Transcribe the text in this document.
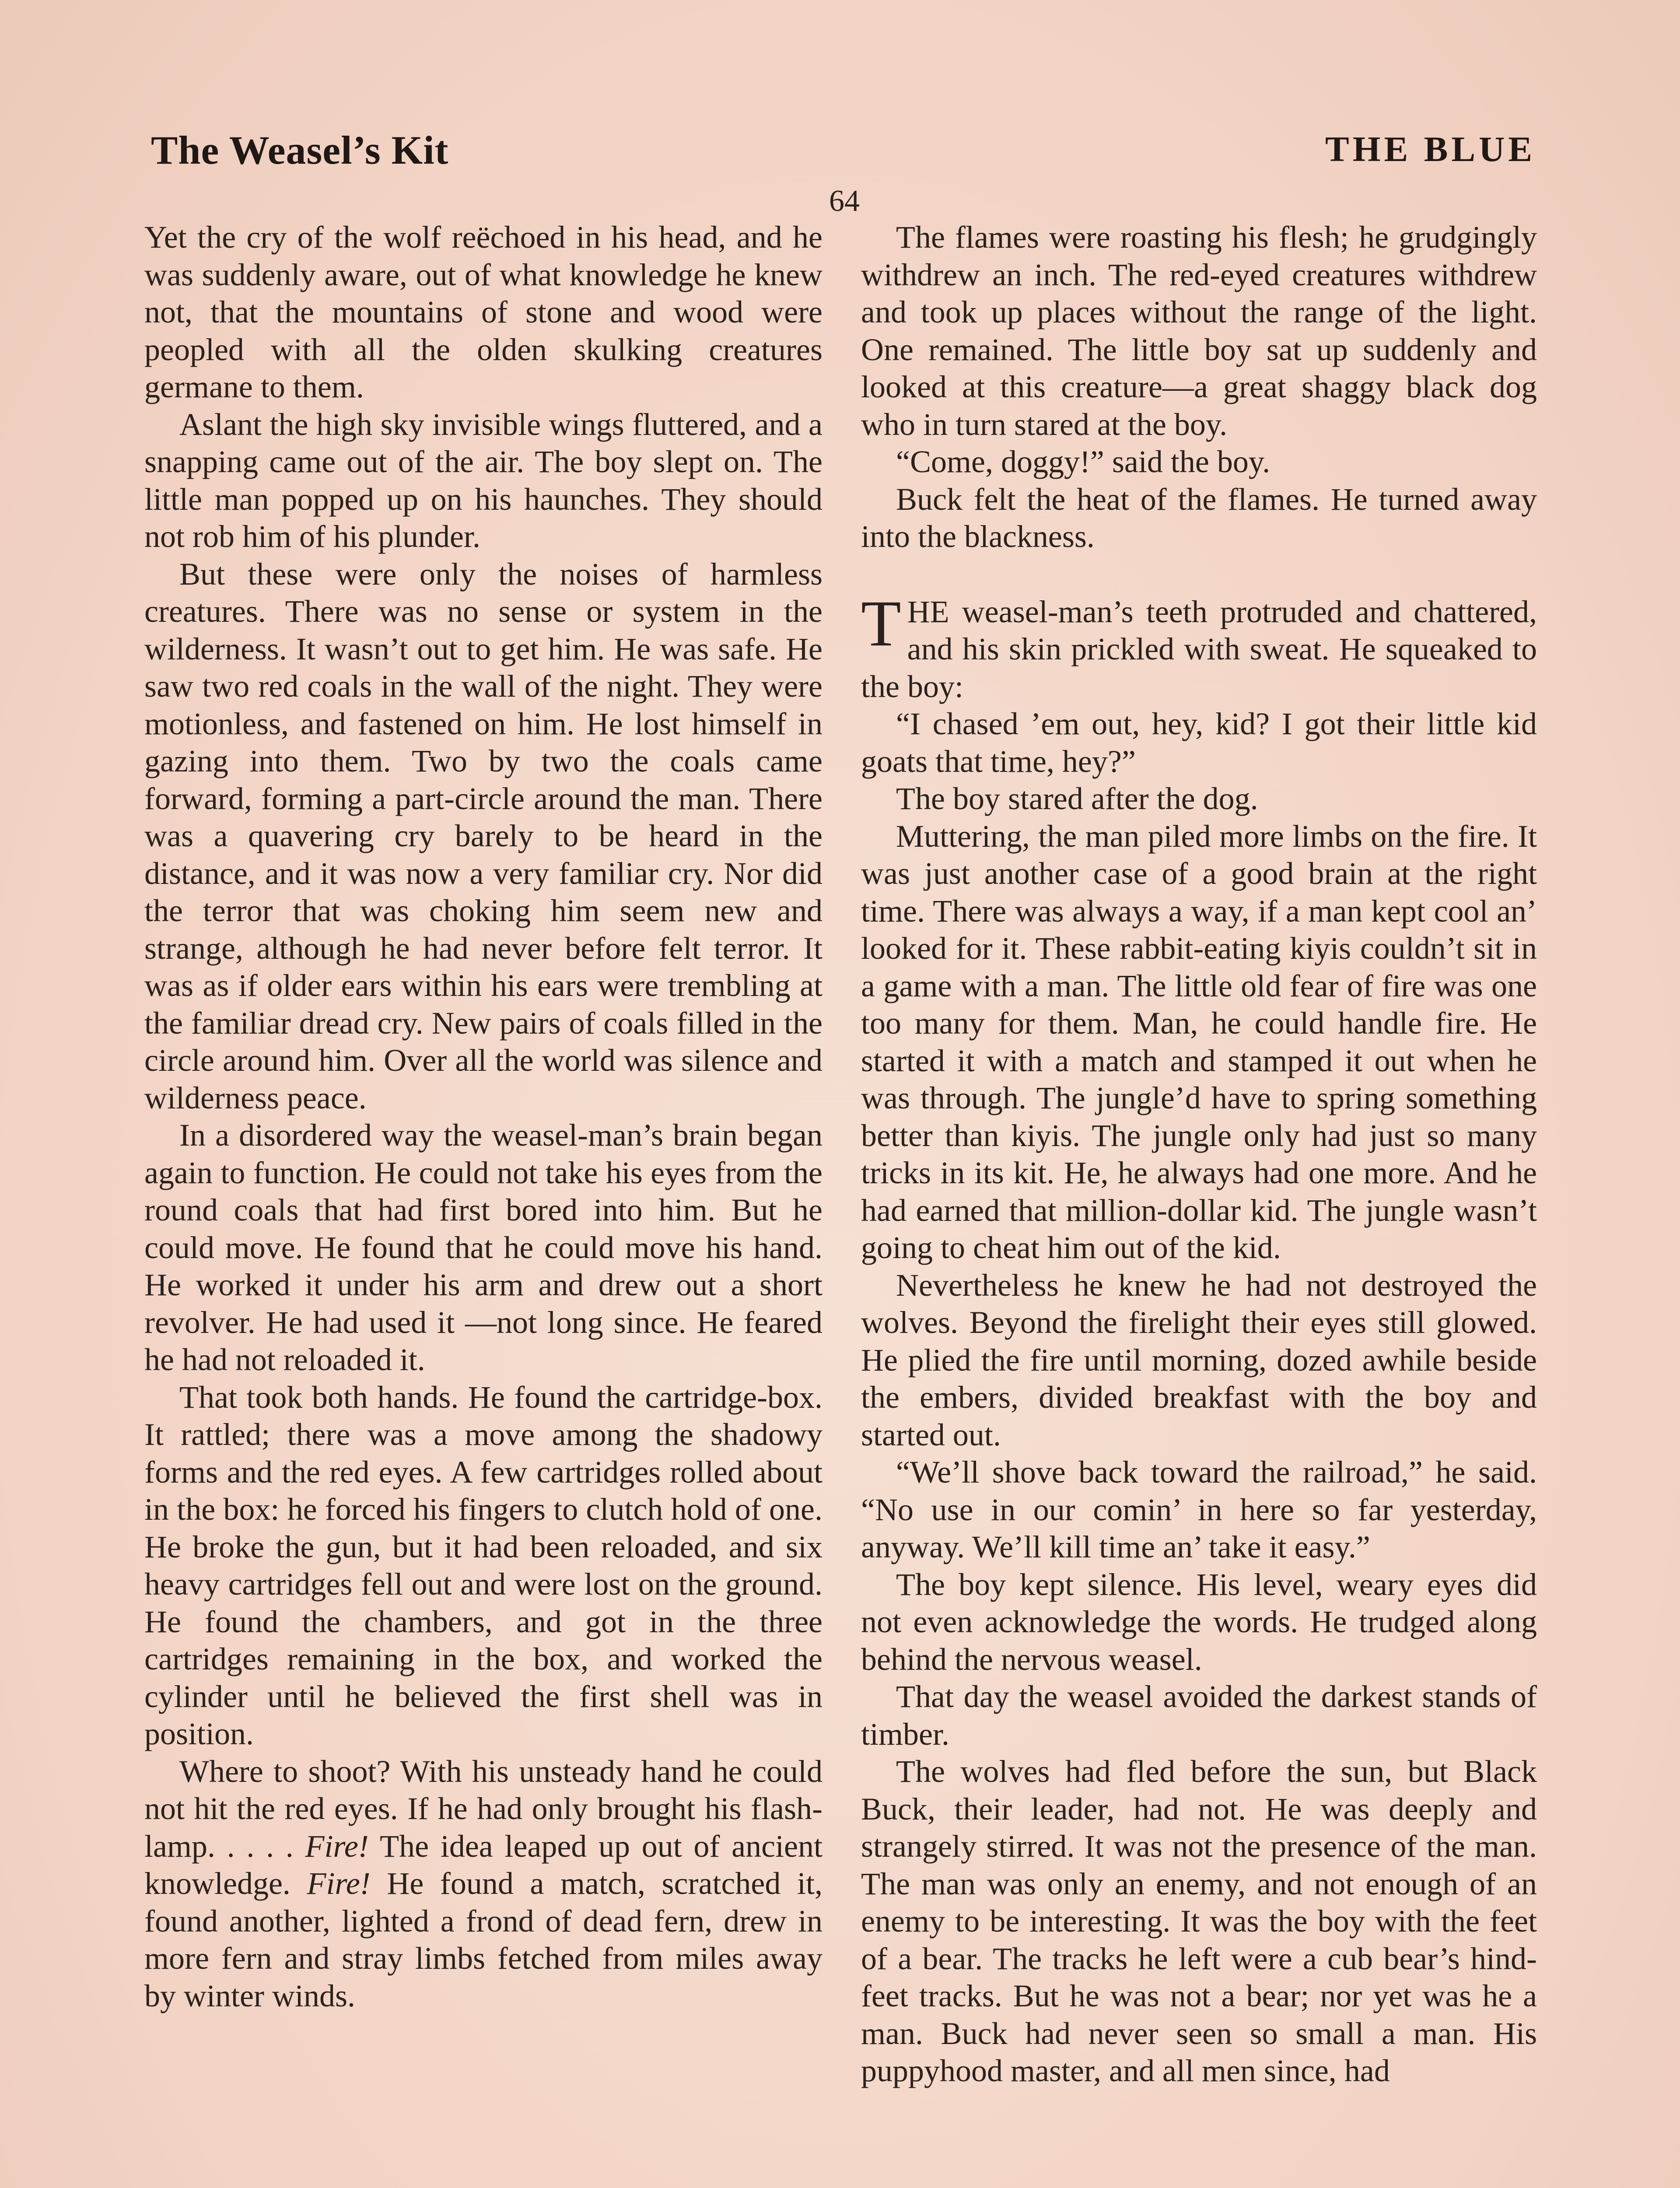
The Weasel’s Kit	THE BLUE
64

Yet the cry of the wolf reëchoed in his head, and he was suddenly aware, out of what knowledge he knew not, that the mountains of stone and wood were peopled with all the olden skulking creatures germane to them.

Aslant the high sky invisible wings fluttered, and a snapping came out of the air. The boy slept on. The little man popped up on his haunches. They should not rob him of his plunder.

But these were only the noises of harmless creatures. There was no sense or system in the wilderness. It wasn’t out to get him. He was safe. He saw two red coals in the wall of the night. They were motionless, and fastened on him. He lost himself in gazing into them. Two by two the coals came forward, forming a part-circle around the man. There was a quavering cry barely to be heard in the distance, and it was now a very familiar cry. Nor did the terror that was choking him seem new and strange, although he had never before felt terror. It was as if older ears within his ears were trembling at the familiar dread cry. New pairs of coals filled in the circle around him. Over all the world was silence and wilderness peace.

In a disordered way the weasel-man’s brain began again to function. He could not take his eyes from the round coals that had first bored into him. But he could move. He found that he could move his hand. He worked it under his arm and drew out a short revolver. He had used it —not long since. He feared he had not reloaded it.

That took both hands. He found the cartridge-box. It rattled; there was a move among the shadowy forms and the red eyes. A few cartridges rolled about in the box: he forced his fingers to clutch hold of one. He broke the gun, but it had been reloaded, and six heavy cartridges fell out and were lost on the ground. He found the chambers, and got in the three cartridges remaining in the box, and worked the cylinder until he believed the first shell was in position.

Where to shoot? With his unsteady hand he could not hit the red eyes. If he had only brought his flash-lamp. . . . . Fire! The idea leaped up out of ancient knowledge. Fire! He found a match, scratched it, found another, lighted a frond of dead fern, drew in more fern and stray limbs fetched from miles away by winter winds.

The flames were roasting his flesh; he grudgingly withdrew an inch. The red-eyed creatures withdrew and took up places without the range of the light. One remained. The little boy sat up suddenly and looked at this creature—a great shaggy black dog who in turn stared at the boy.

“Come, doggy!” said the boy.

Buck felt the heat of the flames. He turned away into the blackness.

THE weasel-man’s teeth protruded and chattered, and his skin prickled with sweat. He squeaked to the boy:

“I chased ’em out, hey, kid? I got their little kid goats that time, hey?”

The boy stared after the dog.

Muttering, the man piled more limbs on the fire. It was just another case of a good brain at the right time. There was always a way, if a man kept cool an’ looked for it. These rabbit-eating kiyis couldn’t sit in a game with a man. The little old fear of fire was one too many for them. Man, he could handle fire. He started it with a match and stamped it out when he was through. The jungle’d have to spring something better than kiyis. The jungle only had just so many tricks in its kit. He, he always had one more. And he had earned that million-dollar kid. The jungle wasn’t going to cheat him out of the kid.

Nevertheless he knew he had not destroyed the wolves. Beyond the firelight their eyes still glowed. He plied the fire until morning, dozed awhile beside the embers, divided breakfast with the boy and started out.

“We’ll shove back toward the railroad,” he said. “No use in our comin’ in here so far yesterday, anyway. We’ll kill time an’ take it easy.”

The boy kept silence. His level, weary eyes did not even acknowledge the words. He trudged along behind the nervous weasel.

That day the weasel avoided the darkest stands of timber.

The wolves had fled before the sun, but Black Buck, their leader, had not. He was deeply and strangely stirred. It was not the presence of the man. The man was only an enemy, and not enough of an enemy to be interesting. It was the boy with the feet of a bear. The tracks he left were a cub bear’s hind-feet tracks. But he was not a bear; nor yet was he a man. Buck had never seen so small a man. His puppyhood master, and all men since, had
